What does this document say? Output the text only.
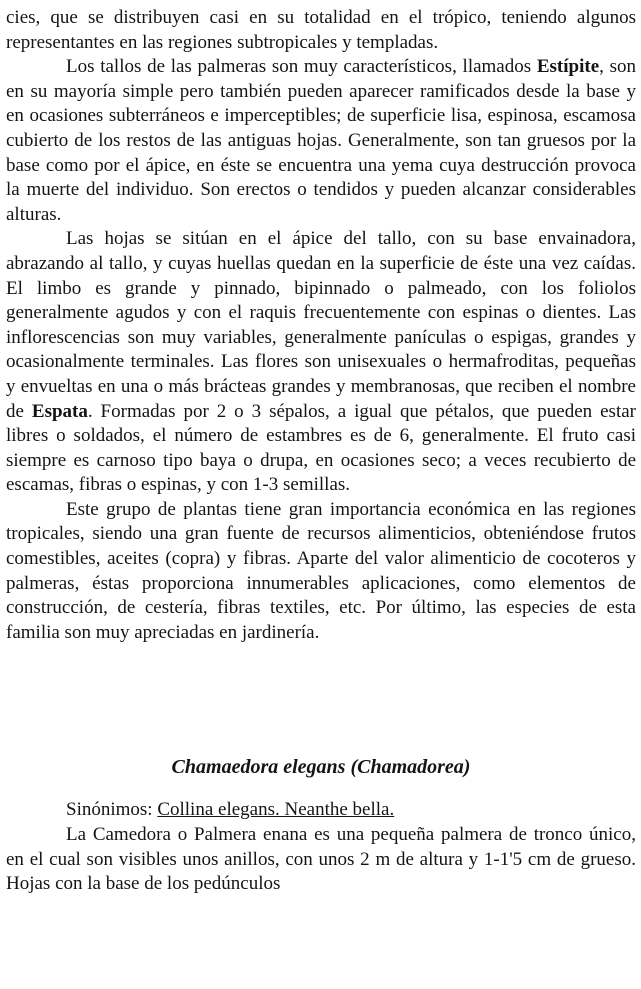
cies, que se distribuyen casi en su totalidad en el trópico, teniendo algunos representantes en las regiones subtropicales y templadas.

Los tallos de las palmeras son muy característicos, llamados Estípite, son en su mayoría simple pero también pueden aparecer ramificados desde la base y en ocasiones subterráneos e imperceptibles; de superficie lisa, espinosa, escamosa cubierto de los restos de las antiguas hojas. Generalmente, son tan gruesos por la base como por el ápice, en éste se encuentra una yema cuya destrucción provoca la muerte del individuo. Son erectos o tendidos y pueden alcanzar considerables alturas.

Las hojas se sitúan en el ápice del tallo, con su base envainadora, abrazando al tallo, y cuyas huellas quedan en la superficie de éste una vez caídas. El limbo es grande y pinnado, bipinnado o palmeado, con los foliolos generalmente agudos y con el raquis frecuentemente con espinas o dientes. Las inflorescencias son muy variables, generalmente panículas o espigas, grandes y ocasionalmente terminales. Las flores son unisexuales o hermafroditas, pequeñas y envueltas en una o más brácteas grandes y membranosas, que reciben el nombre de Espata. Formadas por 2 o 3 sépalos, a igual que pétalos, que pueden estar libres o soldados, el número de estambres es de 6, generalmente. El fruto casi siempre es carnoso tipo baya o drupa, en ocasiones seco; a veces recubierto de escamas, fibras o espinas, y con 1-3 semillas.

Este grupo de plantas tiene gran importancia económica en las regiones tropicales, siendo una gran fuente de recursos alimenticios, obteniéndose frutos comestibles, aceites (copra) y fibras. Aparte del valor alimenticio de cocoteros y palmeras, éstas proporciona innumerables aplicaciones, como elementos de construcción, de cestería, fibras textiles, etc. Por último, las especies de esta familia son muy apreciadas en jardinería.

Chamaedora elegans (Chamadorea)

Sinónimos: Collina elegans. Neanthe bella.

La Camedora o Palmera enana es una pequeña palmera de tronco único, en el cual son visibles unos anillos, con unos 2 m de altura y 1-1'5 cm de grueso. Hojas con la base de los pedúnculos
